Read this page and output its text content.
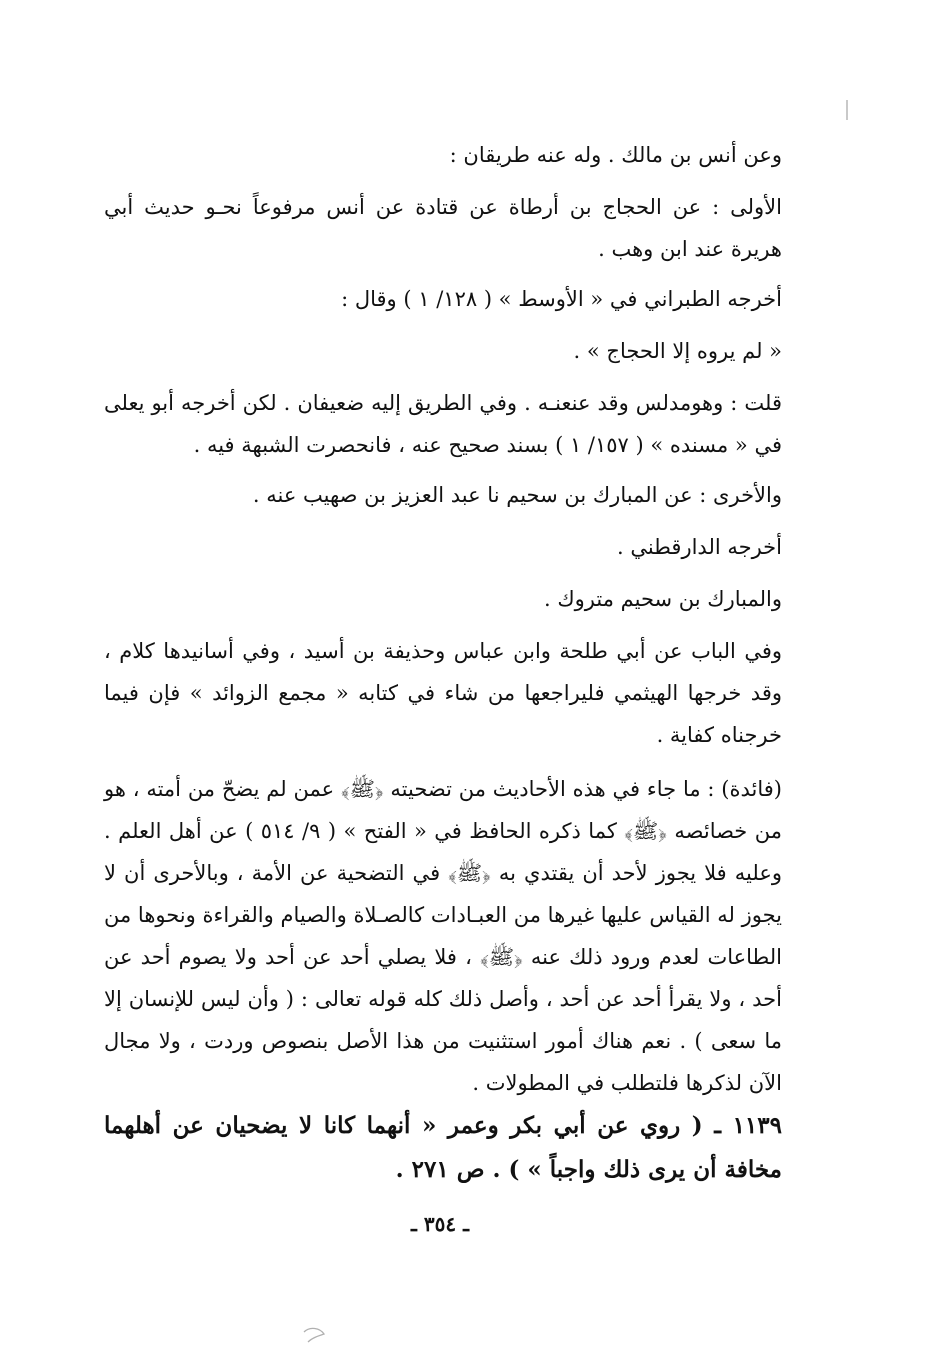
وعن أنس بن مالك . وله عنه طريقان :

الأولى : عن الحجاج بن أرطاة عن قتادة عن أنس مرفوعاً نحـو حديث أبي هريرة عند ابن وهب .

أخرجه الطبراني في « الأوسط » ( ١٢٨/ ١ ) وقال :

« لم يروه إلا الحجاج » .

قلت : وهومدلس وقد عنعنـه . وفي الطريق إليه ضعيفان . لكن أخرجه أبو يعلى في « مسنده » ( ١٥٧/ ١ ) بسند صحيح عنه ، فانحصرت الشبهة فيه .

والأخرى : عن المبارك بن سحيم نا عبد العزيز بن صهيب عنه .

أخرجه الدارقطني .

والمبارك بن سحيم متروك .

وفي الباب عن أبي طلحة وابن عباس وحذيفة بن أسيد ، وفي أسانيدها كلام ، وقد خرجها الهيثمي فليراجعها من شاء في كتابه « مجمع الزوائد » فإن فيما خرجناه كفاية .

(فائدة) : ما جاء في هذه الأحاديث من تضحيته ﴿ﷺ﴾ عمن لم يضحّ من أمته ، هو من خصائصه ﴿ﷺ﴾ كما ذكره الحافظ في « الفتح » ( ٩/ ٥١٤ ) عن أهل العلم . وعليه فلا يجوز لأحد أن يقتدي به ﴿ﷺ﴾ في التضحية عن الأمة ، وبالأحرى أن لا يجوز له القياس عليها غيرها من العبـادات كالصـلاة والصيام والقراءة ونحوها من الطاعات لعدم ورود ذلك عنه ﴿ﷺ﴾ ، فلا يصلي أحد عن أحد ولا يصوم أحد عن أحد ، ولا يقرأ أحد عن أحد ، وأصل ذلك كله قوله تعالى : ( وأن ليس للإنسان إلا ما سعى ) . نعم هناك أمور استثنيت من هذا الأصل بنصوص وردت ، ولا مجال الآن لذكرها فلتطلب في المطولات .

١١٣٩ ـ ( روي عن أبي بكر وعمر « أنهما كانا لا يضحيان عن أهلهما مخافة أن يرى ذلك واجباً » ) . ص ٢٧١ .

ـ ٣٥٤ ـ
